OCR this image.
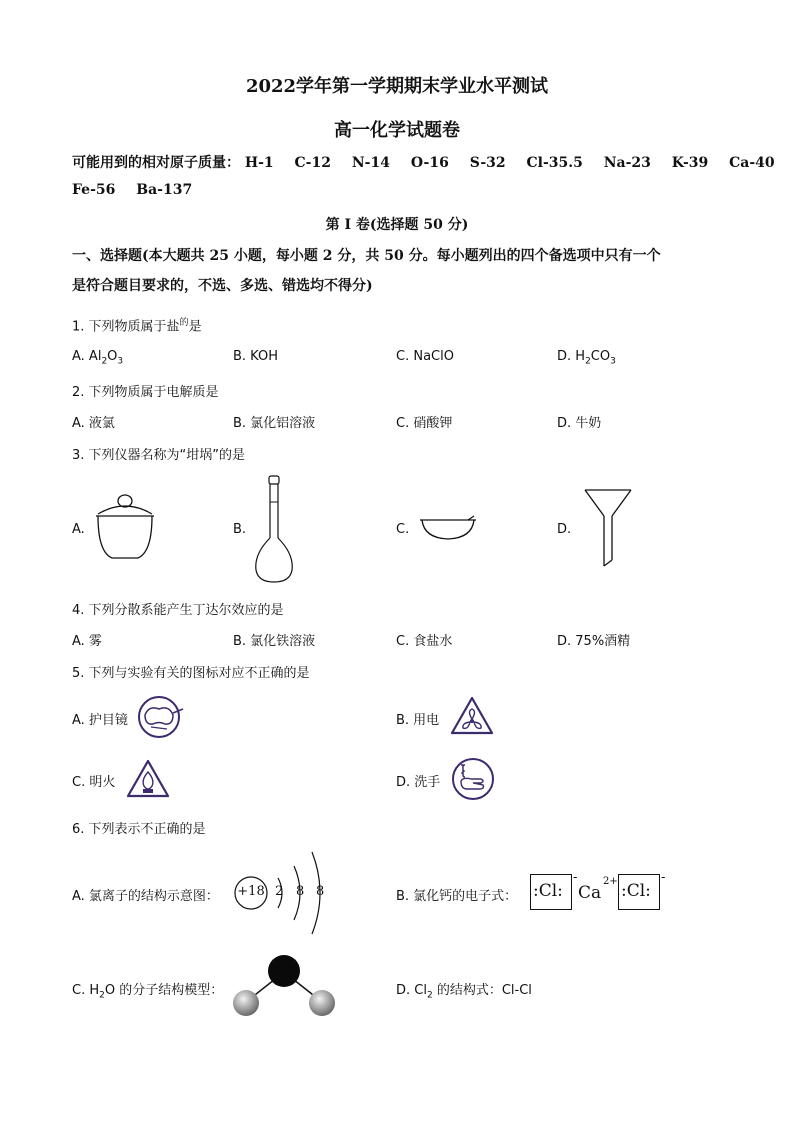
2022学年第一学期期末学业水平测试
高一化学试题卷
可能用到的相对原子质量： H-1 C-12 N-14 O-16 S-32 Cl-35.5 Na-23 K-39 Ca-40
Fe-56 Ba-137
第 I 卷(选择题 50 分)
一、选择题(本大题共 25 小题，每小题 2 分，共 50 分。每小题列出的四个备选项中只有一个
是符合题目要求的，不选、多选、错选均不得分)
1. 下列物质属于盐$^的$是
A. $Al_2O_3$	B. KOH	C. NaClO	D. $H_2CO_3$
2. 下列物质属于电解质是
A. 液氯	B. 氯化铝溶液	C. 硝酸钾	D. 牛奶
3. 下列仪器名称为“坩埚”的是
A.	B.	C.	D.
4. 下列分散系能产生丁达尔效应的是
A. 雾	B. 氯化铁溶液	C. 食盐水	D. 75%酒精
5. 下列与实验有关的图标对应不正确的是
A. 护目镜	B. 用电
C. 明火	D. 洗手
6. 下列表示不正确的是
A. 氯离子的结构示意图： +18 2 8 8	B. 氯化钙的电子式： :Cl:
-
Ca
2+ :Cl:
-
C. $H_2O$ 的分子结构模型：	D. $Cl_2$ 的结构式：Cl-Cl
